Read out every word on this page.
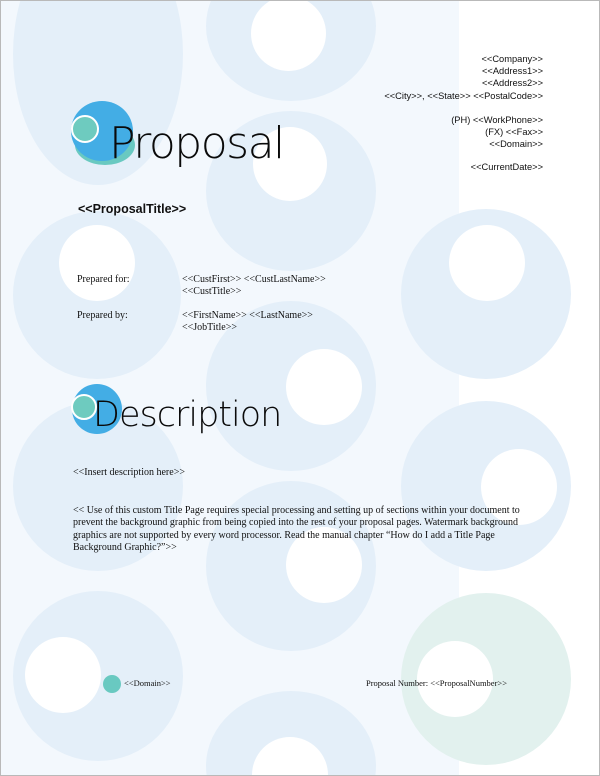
<<Company>>
<<Address1>>
<<Address2>>
<<City>>, <<State>> <<PostalCode>>
(PH) <<WorkPhone>>
(FX) <<Fax>>
<<Domain>>
<<CurrentDate>>
Proposal
<<ProposalTitle>>
Prepared for:	<<CustFirst>> <<CustLastName>>
<<CustTitle>>
Prepared by:	<<FirstName>> <<LastName>>
<<JobTitle>>
Description
<<Insert description here>>
<< Use of this custom Title Page requires special processing and setting up of sections within your document to prevent the background graphic from being copied into the rest of your proposal pages. Watermark background graphics are not supported by every word processor. Read the manual chapter “How do I add a Title Page Background Graphic?”>>
<<Domain>>	Proposal Number: <<ProposalNumber>>
